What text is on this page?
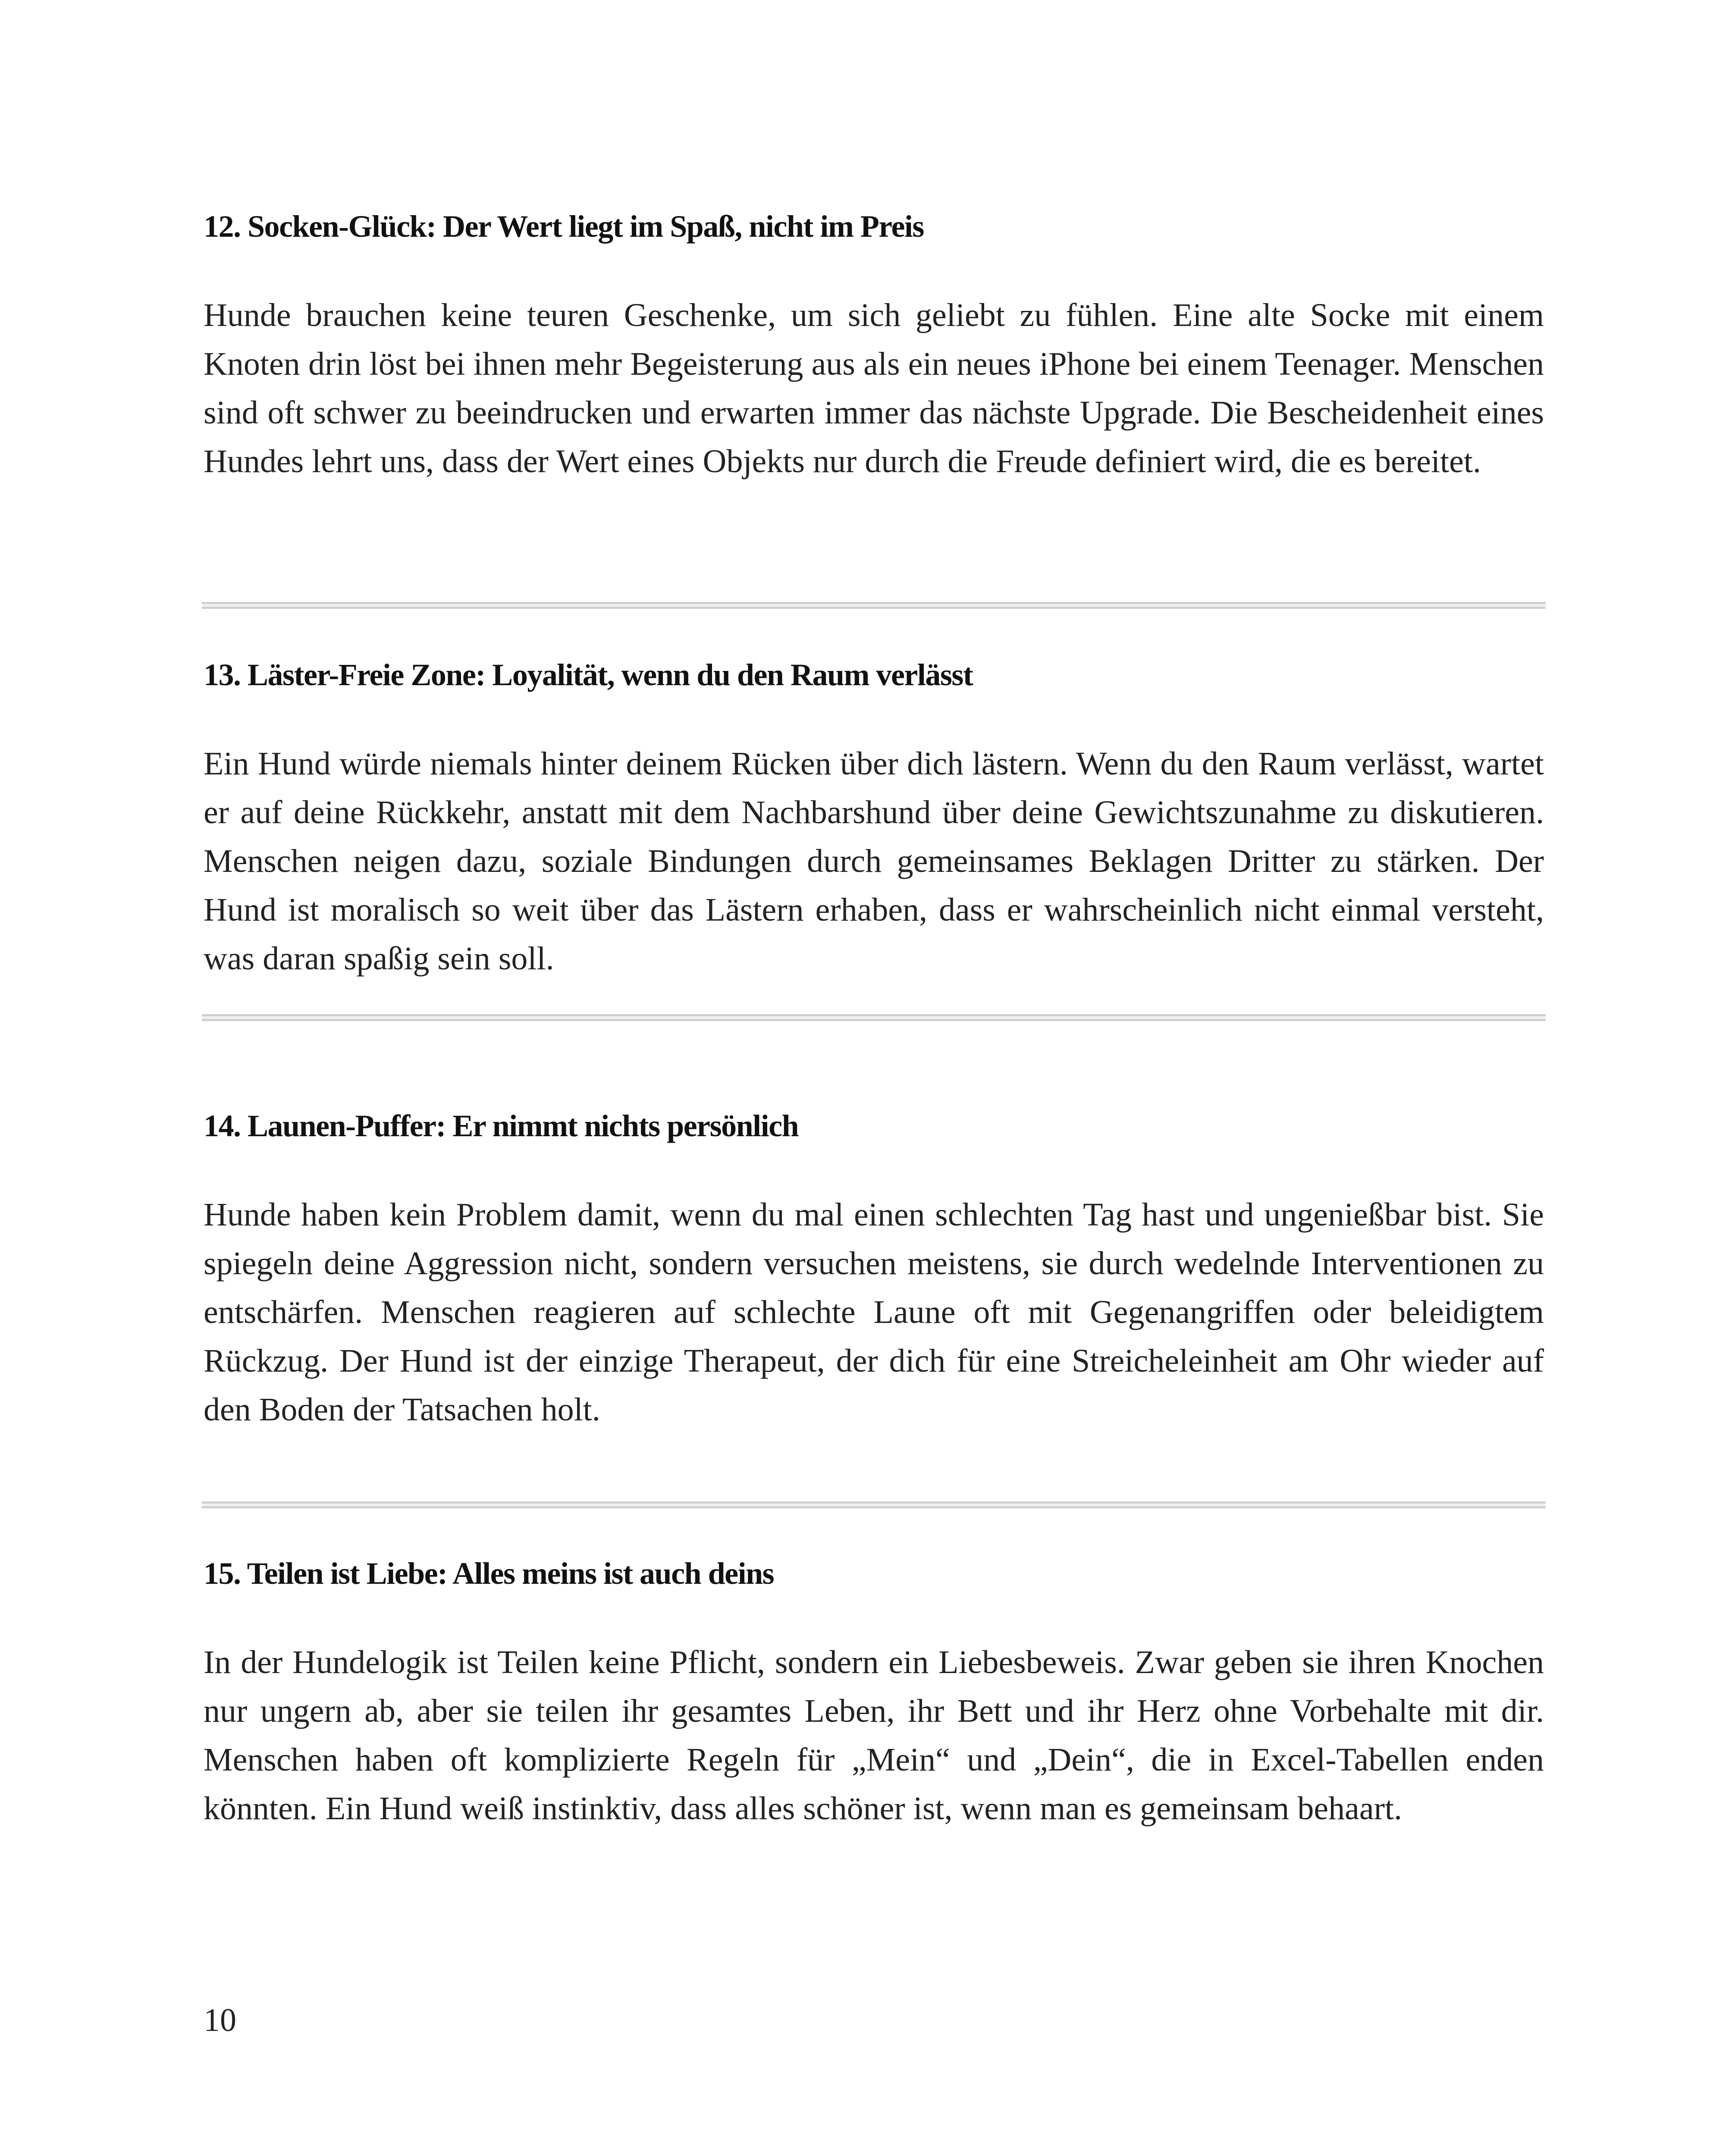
12. Socken-Glück: Der Wert liegt im Spaß, nicht im Preis

Hunde brauchen keine teuren Geschenke, um sich geliebt zu fühlen. Eine alte Socke mit einem Knoten drin löst bei ihnen mehr Begeisterung aus als ein neues iPhone bei einem Teenager. Menschen sind oft schwer zu beeindrucken und erwarten immer das nächste Upgrade. Die Bescheidenheit eines Hundes lehrt uns, dass der Wert eines Objekts nur durch die Freude definiert wird, die es bereitet.

13. Läster-Freie Zone: Loyalität, wenn du den Raum verlässt

Ein Hund würde niemals hinter deinem Rücken über dich lästern. Wenn du den Raum verlässt, wartet er auf deine Rückkehr, anstatt mit dem Nachbarshund über deine Gewichtszunahme zu diskutieren. Menschen neigen dazu, soziale Bindungen durch gemeinsames Beklagen Dritter zu stärken. Der Hund ist moralisch so weit über das Lästern erhaben, dass er wahrscheinlich nicht einmal versteht, was daran spaßig sein soll.

14. Launen-Puffer: Er nimmt nichts persönlich

Hunde haben kein Problem damit, wenn du mal einen schlechten Tag hast und ungenießbar bist. Sie spiegeln deine Aggression nicht, sondern versuchen meistens, sie durch wedelnde Interventionen zu entschärfen. Menschen reagieren auf schlechte Laune oft mit Gegenangriffen oder beleidigtem Rückzug. Der Hund ist der einzige Therapeut, der dich für eine Streicheleinheit am Ohr wieder auf den Boden der Tatsachen holt.

15. Teilen ist Liebe: Alles meins ist auch deins

In der Hundelogik ist Teilen keine Pflicht, sondern ein Liebesbeweis. Zwar geben sie ihren Knochen nur ungern ab, aber sie teilen ihr gesamtes Leben, ihr Bett und ihr Herz ohne Vorbehalte mit dir. Menschen haben oft komplizierte Regeln für „Mein“ und „Dein“, die in Excel-Tabellen enden könnten. Ein Hund weiß instinktiv, dass alles schöner ist, wenn man es gemeinsam behaart.

10
